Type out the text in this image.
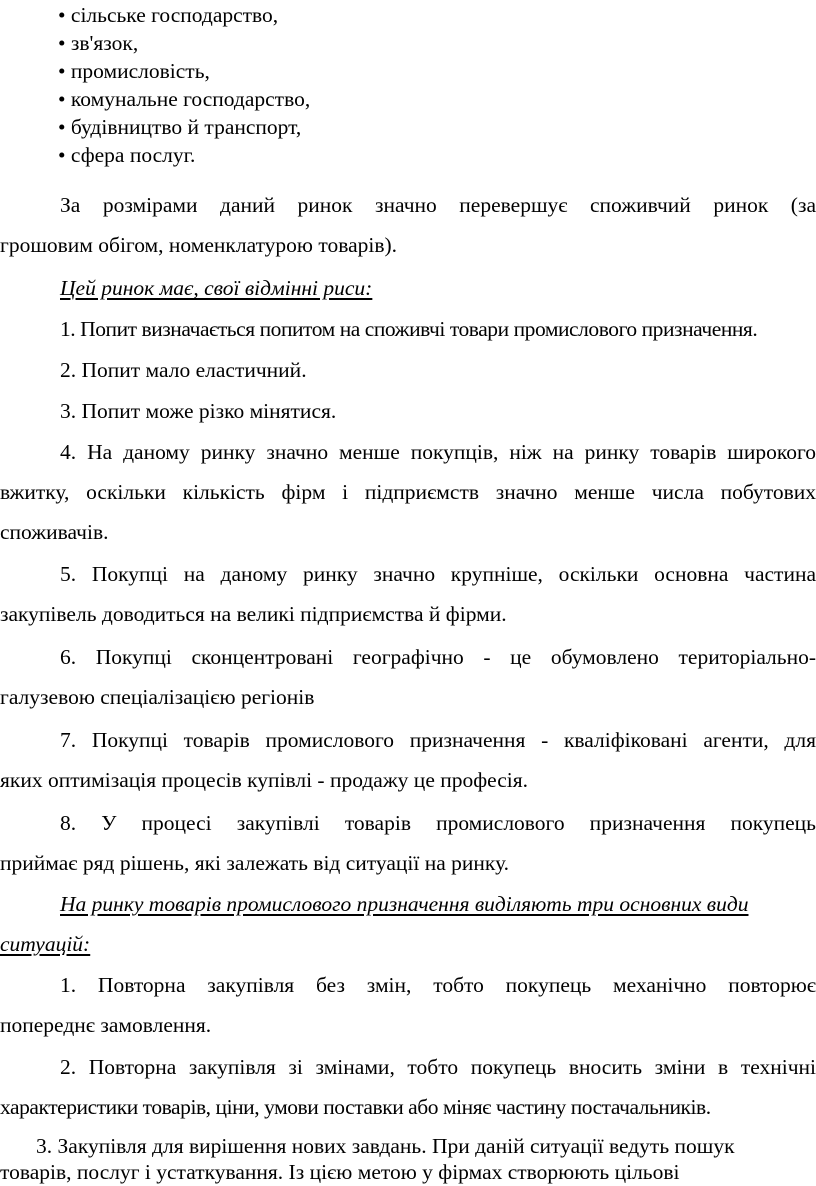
• сільське господарство,
• зв'язок,
• промисловість,
• комунальне господарство,
• будівництво й транспорт,
• сфера послуг.
За розмірами даний ринок значно перевершує споживчий ринок (за
грошовим обігом, номенклатурою товарів).
Цей ринок має, свої відмінні риси:
1. Попит визначається попитом на споживчі товари промислового призначення.
2. Попит мало еластичний.
3. Попит може різко мінятися.
4. На даному ринку значно менше покупців, ніж на ринку товарів широкого
вжитку, оскільки кількість фірм і підприємств значно менше числа побутових
споживачів.
5. Покупці на даному ринку значно крупніше, оскільки основна частина
закупівель доводиться на великі підприємства й фірми.
6. Покупці сконцентровані географічно - це обумовлено територіально-
галузевою спеціалізацією регіонів
7. Покупці товарів промислового призначення - кваліфіковані агенти, для
яких оптимізація процесів купівлі - продажу це професія.
8. У процесі закупівлі товарів промислового призначення покупець
приймає ряд рішень, які залежать від ситуації на ринку.
На ринку товарів промислового призначення виділяють три основних види
ситуацій:
1. Повторна закупівля без змін, тобто покупець механічно повторює
попереднє замовлення.
2. Повторна закупівля зі змінами, тобто покупець вносить зміни в технічні
характеристики товарів, ціни, умови поставки або міняє частину постачальників.
3. Закупівля для вирішення нових завдань. При даній ситуації ведуть пошук
товарів, послуг і устаткування. Із цією метою у фірмах створюють цільові
